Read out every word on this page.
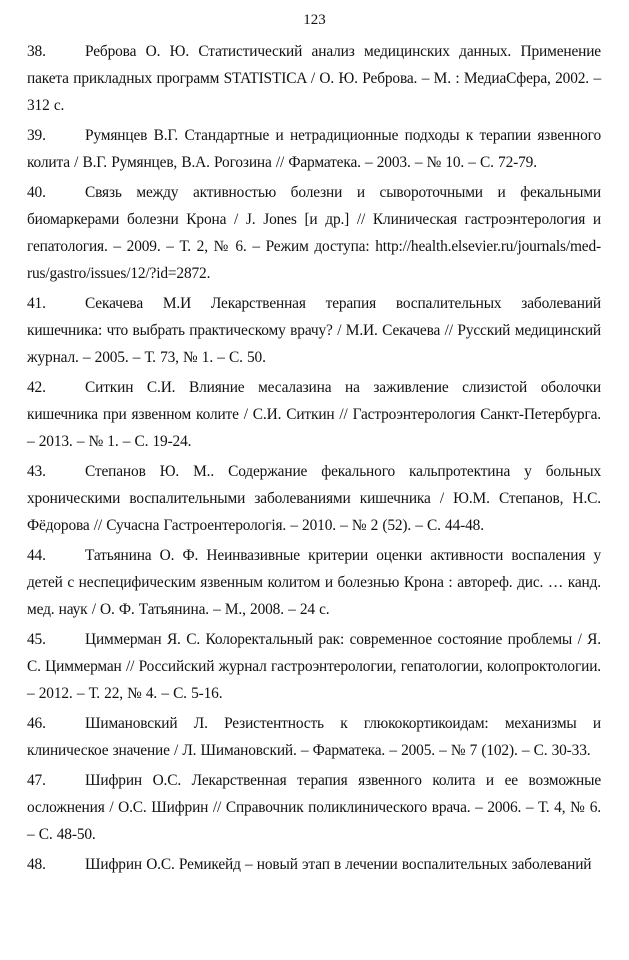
123
38.	Реброва О. Ю. Статистический анализ медицинских данных. Применение пакета прикладных программ STATISTICA / О. Ю. Реброва. – М. : МедиаСфера, 2002. – 312 с.
39.	Румянцев В.Г. Стандартные и нетрадиционные подходы к терапии язвенного колита / В.Г. Румянцев, В.А. Рогозина // Фарматека. – 2003. – № 10. – С. 72-79.
40.	Связь между активностью болезни и сывороточными и фекальными биомаркерами болезни Крона / J. Jones [и др.] // Клиническая гастроэнтерология и гепатология. – 2009. – Т. 2, № 6. – Режим доступа: http://health.elsevier.ru/journals/med-rus/gastro/issues/12/?id=2872.
41.	Секачева М.И Лекарственная терапия воспалительных заболеваний кишечника: что выбрать практическому врачу? / М.И. Секачева // Русский медицинский журнал. – 2005. – Т. 73, № 1. – С. 50.
42.	Ситкин С.И. Влияние месалазина на заживление слизистой оболочки кишечника при язвенном колите / С.И. Ситкин // Гастроэнтерология Санкт-Петербурга. – 2013. – № 1. – С. 19-24.
43.	Степанов Ю. М.. Содержание фекального кальпротектина у больных хроническими воспалительными заболеваниями кишечника / Ю.М. Степанов, Н.С. Фёдорова // Сучасна Гастроентерологія. – 2010. – № 2 (52). – С. 44-48.
44.	Татьянина О. Ф. Неинвазивные критерии оценки активности воспаления у детей с неспецифическим язвенным колитом и болезнью Крона : автореф. дис. … канд. мед. наук / О. Ф. Татьянина. – М., 2008. – 24 с.
45.	Циммерман Я. С. Колоректальный рак: современное состояние проблемы / Я. С. Циммерман // Российский журнал гастроэнтерологии, гепатологии, колопроктологии. – 2012. – Т. 22, № 4. – С. 5-16.
46.	Шимановский Л. Резистентность к глюкокортикоидам: механизмы и клиническое значение / Л. Шимановский. – Фарматека. – 2005. – № 7 (102). – С. 30-33.
47.	Шифрин О.С. Лекарственная терапия язвенного колита и ее возможные осложнения / О.С. Шифрин // Справочник поликлинического врача. – 2006. – Т. 4, № 6. – С. 48-50.
48.	Шифрин О.С. Ремикейд – новый этап в лечении воспалительных заболеваний
